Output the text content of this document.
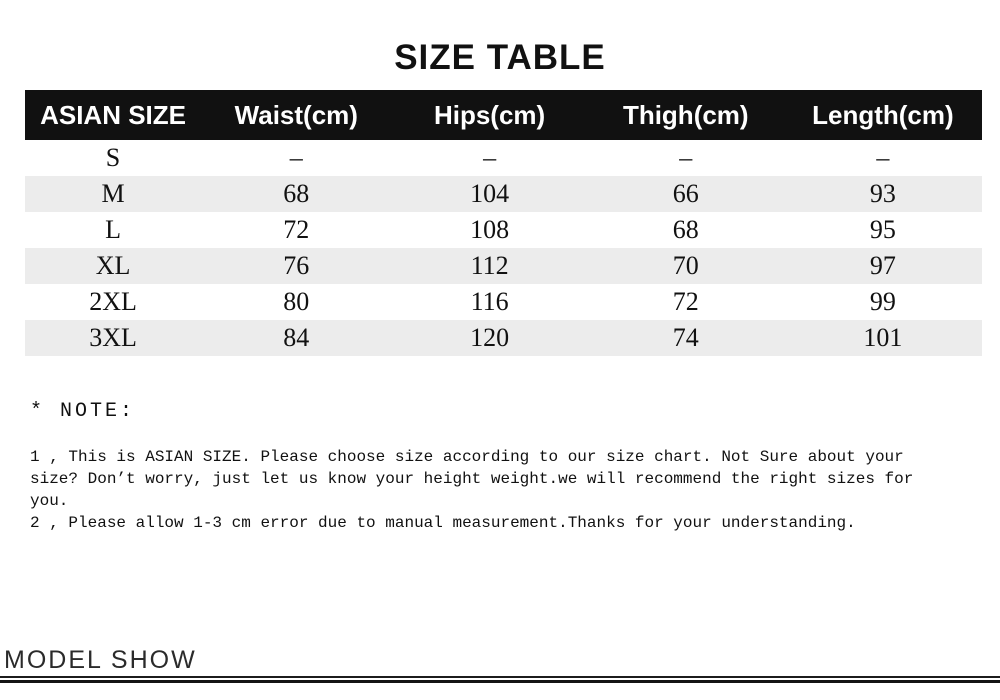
SIZE TABLE
ASIAN SIZE	Waist(cm)	Hips(cm)	Thigh(cm)	Length(cm)
S	–	–	–	–
M	68	104	66	93
L	72	108	68	95
XL	76	112	70	97
2XL	80	116	72	99
3XL	84	120	74	101
* NOTE:
1 , This is ASIAN SIZE. Please choose size according to our size chart. Not Sure about your
size? Don’t worry, just let us know your height weight.we will recommend the right sizes for
you.
2 , Please allow 1-3 cm error due to manual measurement.Thanks for your understanding.
MODEL SHOW
